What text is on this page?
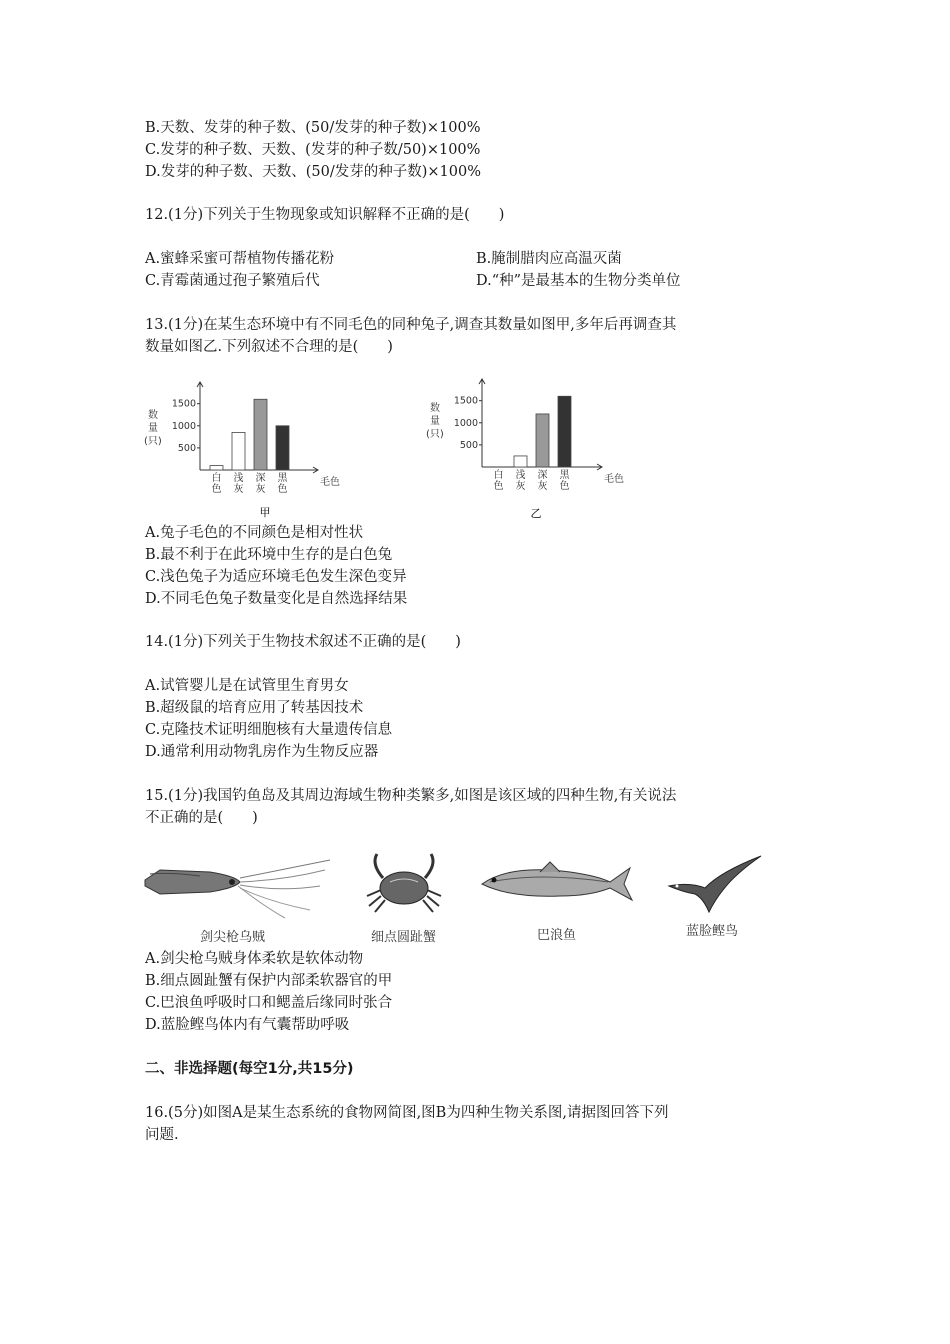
B.天数、发芽的种子数、(50/发芽的种子数)×100%
C.发芽的种子数、天数、(发芽的种子数/50)×100%
D.发芽的种子数、天数、(50/发芽的种子数)×100%
12.(1分)下列关于生物现象或知识解释不正确的是(　　)
A.蜜蜂采蜜可帮植物传播花粉	B.腌制腊肉应高温灭菌
C.青霉菌通过孢子繁殖后代	D.“种”是最基本的生物分类单位
13.(1分)在某生态环境中有不同毛色的同种兔子,调查其数量如图甲,多年后再调查其
数量如图乙.下列叙述不合理的是(　　)
数
量
(只)
500
1000
1500
白色
浅灰
深灰
黑色
毛色
甲
数
量
(只)
500
1000
1500
白色
浅灰
深灰
黑色
毛色
乙
A.兔子毛色的不同颜色是相对性状
B.最不利于在此环境中生存的是白色兔
C.浅色兔子为适应环境毛色发生深色变异
D.不同毛色兔子数量变化是自然选择结果
14.(1分)下列关于生物技术叙述不正确的是(　　)
A.试管婴儿是在试管里生育男女
B.超级鼠的培育应用了转基因技术
C.克隆技术证明细胞核有大量遗传信息
D.通常利用动物乳房作为生物反应器
15.(1分)我国钓鱼岛及其周边海域生物种类繁多,如图是该区域的四种生物,有关说法
不正确的是(　　)
剑尖枪乌贼	细点圆趾蟹	巴浪鱼	蓝脸鲣鸟
A.剑尖枪乌贼身体柔软是软体动物
B.细点圆趾蟹有保护内部柔软器官的甲
C.巴浪鱼呼吸时口和鳃盖后缘同时张合
D.蓝脸鲣鸟体内有气囊帮助呼吸
二、非选择题(每空1分,共15分)
16.(5分)如图A是某生态系统的食物网简图,图B为四种生物关系图,请据图回答下列
问题.
